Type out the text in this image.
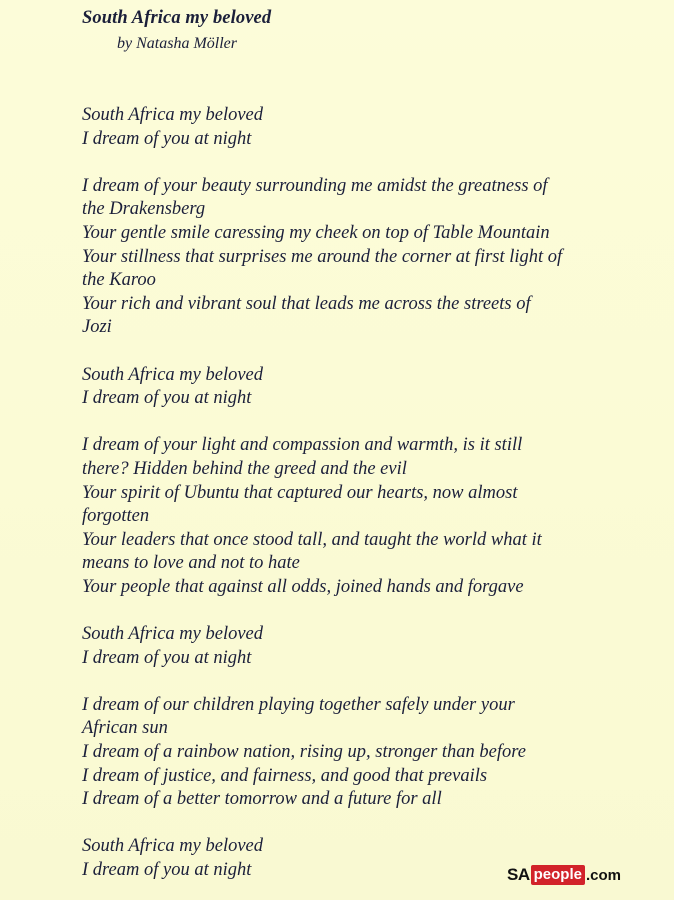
South Africa my beloved
by Natasha Möller
South Africa my beloved
I dream of you at night
I dream of your beauty surrounding me amidst the greatness of
the Drakensberg
Your gentle smile caressing my cheek on top of Table Mountain
Your stillness that surprises me around the corner at first light of
the Karoo
Your rich and vibrant soul that leads me across the streets of
Jozi
South Africa my beloved
I dream of you at night
I dream of your light and compassion and warmth, is it still
there? Hidden behind the greed and the evil
Your spirit of Ubuntu that captured our hearts, now almost
forgotten
Your leaders that once stood tall, and taught the world what it
means to love and not to hate
Your people that against all odds, joined hands and forgave
South Africa my beloved
I dream of you at night
I dream of our children playing together safely under your
African sun
I dream of a rainbow nation, rising up, stronger than before
I dream of justice, and fairness, and good that prevails
I dream of a better tomorrow and a future for all
South Africa my beloved
I dream of you at night	SA people .com
